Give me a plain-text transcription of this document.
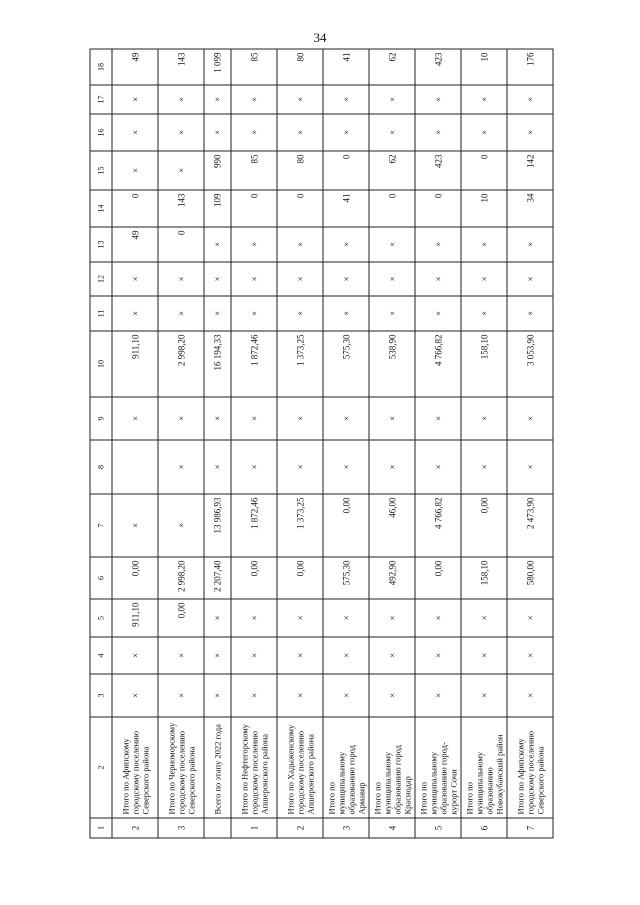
34
1	2	3	4	5	6	7	8	9	10	11	12	13	14	15	16	17	18
2	Итого по Афипскому городскому поселению Северского района	×	×	911,10	0,00	×		×	911,10	×	×	49	0	×	×	×	49
3	Итого по Черноморскому городскому поселению Северского района	×	×	0,00	2 998,20	×	×	×	2 998,20	×	×	0	143	×	×	×	143
	Всего по этапу 2022 года	×	×	×	2 207,40	13 986,93	×	×	16 194,33	×	×	×	109	990	×	×	1 099
1	Итого по Нефтегорскому городскому поселению Апшеронского района	×	×	×	0,00	1 872,46	×	×	1 872,46	×	×	×	0	85	×	×	85
2	Итого по Хадыженскому городскому поселению Апшеронского района	×	×	×	0,00	1 373,25	×	×	1 373,25	×	×	×	0	80	×	×	80
3	Итого по муниципальному образованию город Армавир	×	×	×	575,30	0,00	×	×	575,30	×	×	×	41	0	×	×	41
4	Итого по муниципальному образованию город Краснодар	×	×	×	492,90	46,00	×	×	538,90	×	×	×	0	62	×	×	62
5	Итого по муниципальному образованию город-курорт Сочи	×	×	×	0,00	4 766,82	×	×	4 766,82	×	×	×	0	423	×	×	423
6	Итого по муниципальному образованию Новокубанский район	×	×	×	158,10	0,00	×	×	158,10	×	×	×	10	0	×	×	10
7	Итого по Афипскому городскому поселению Северского района	×	×	×	580,00	2 473,90	×	×	3 053,90	×	×	×	34	142	×	×	176
